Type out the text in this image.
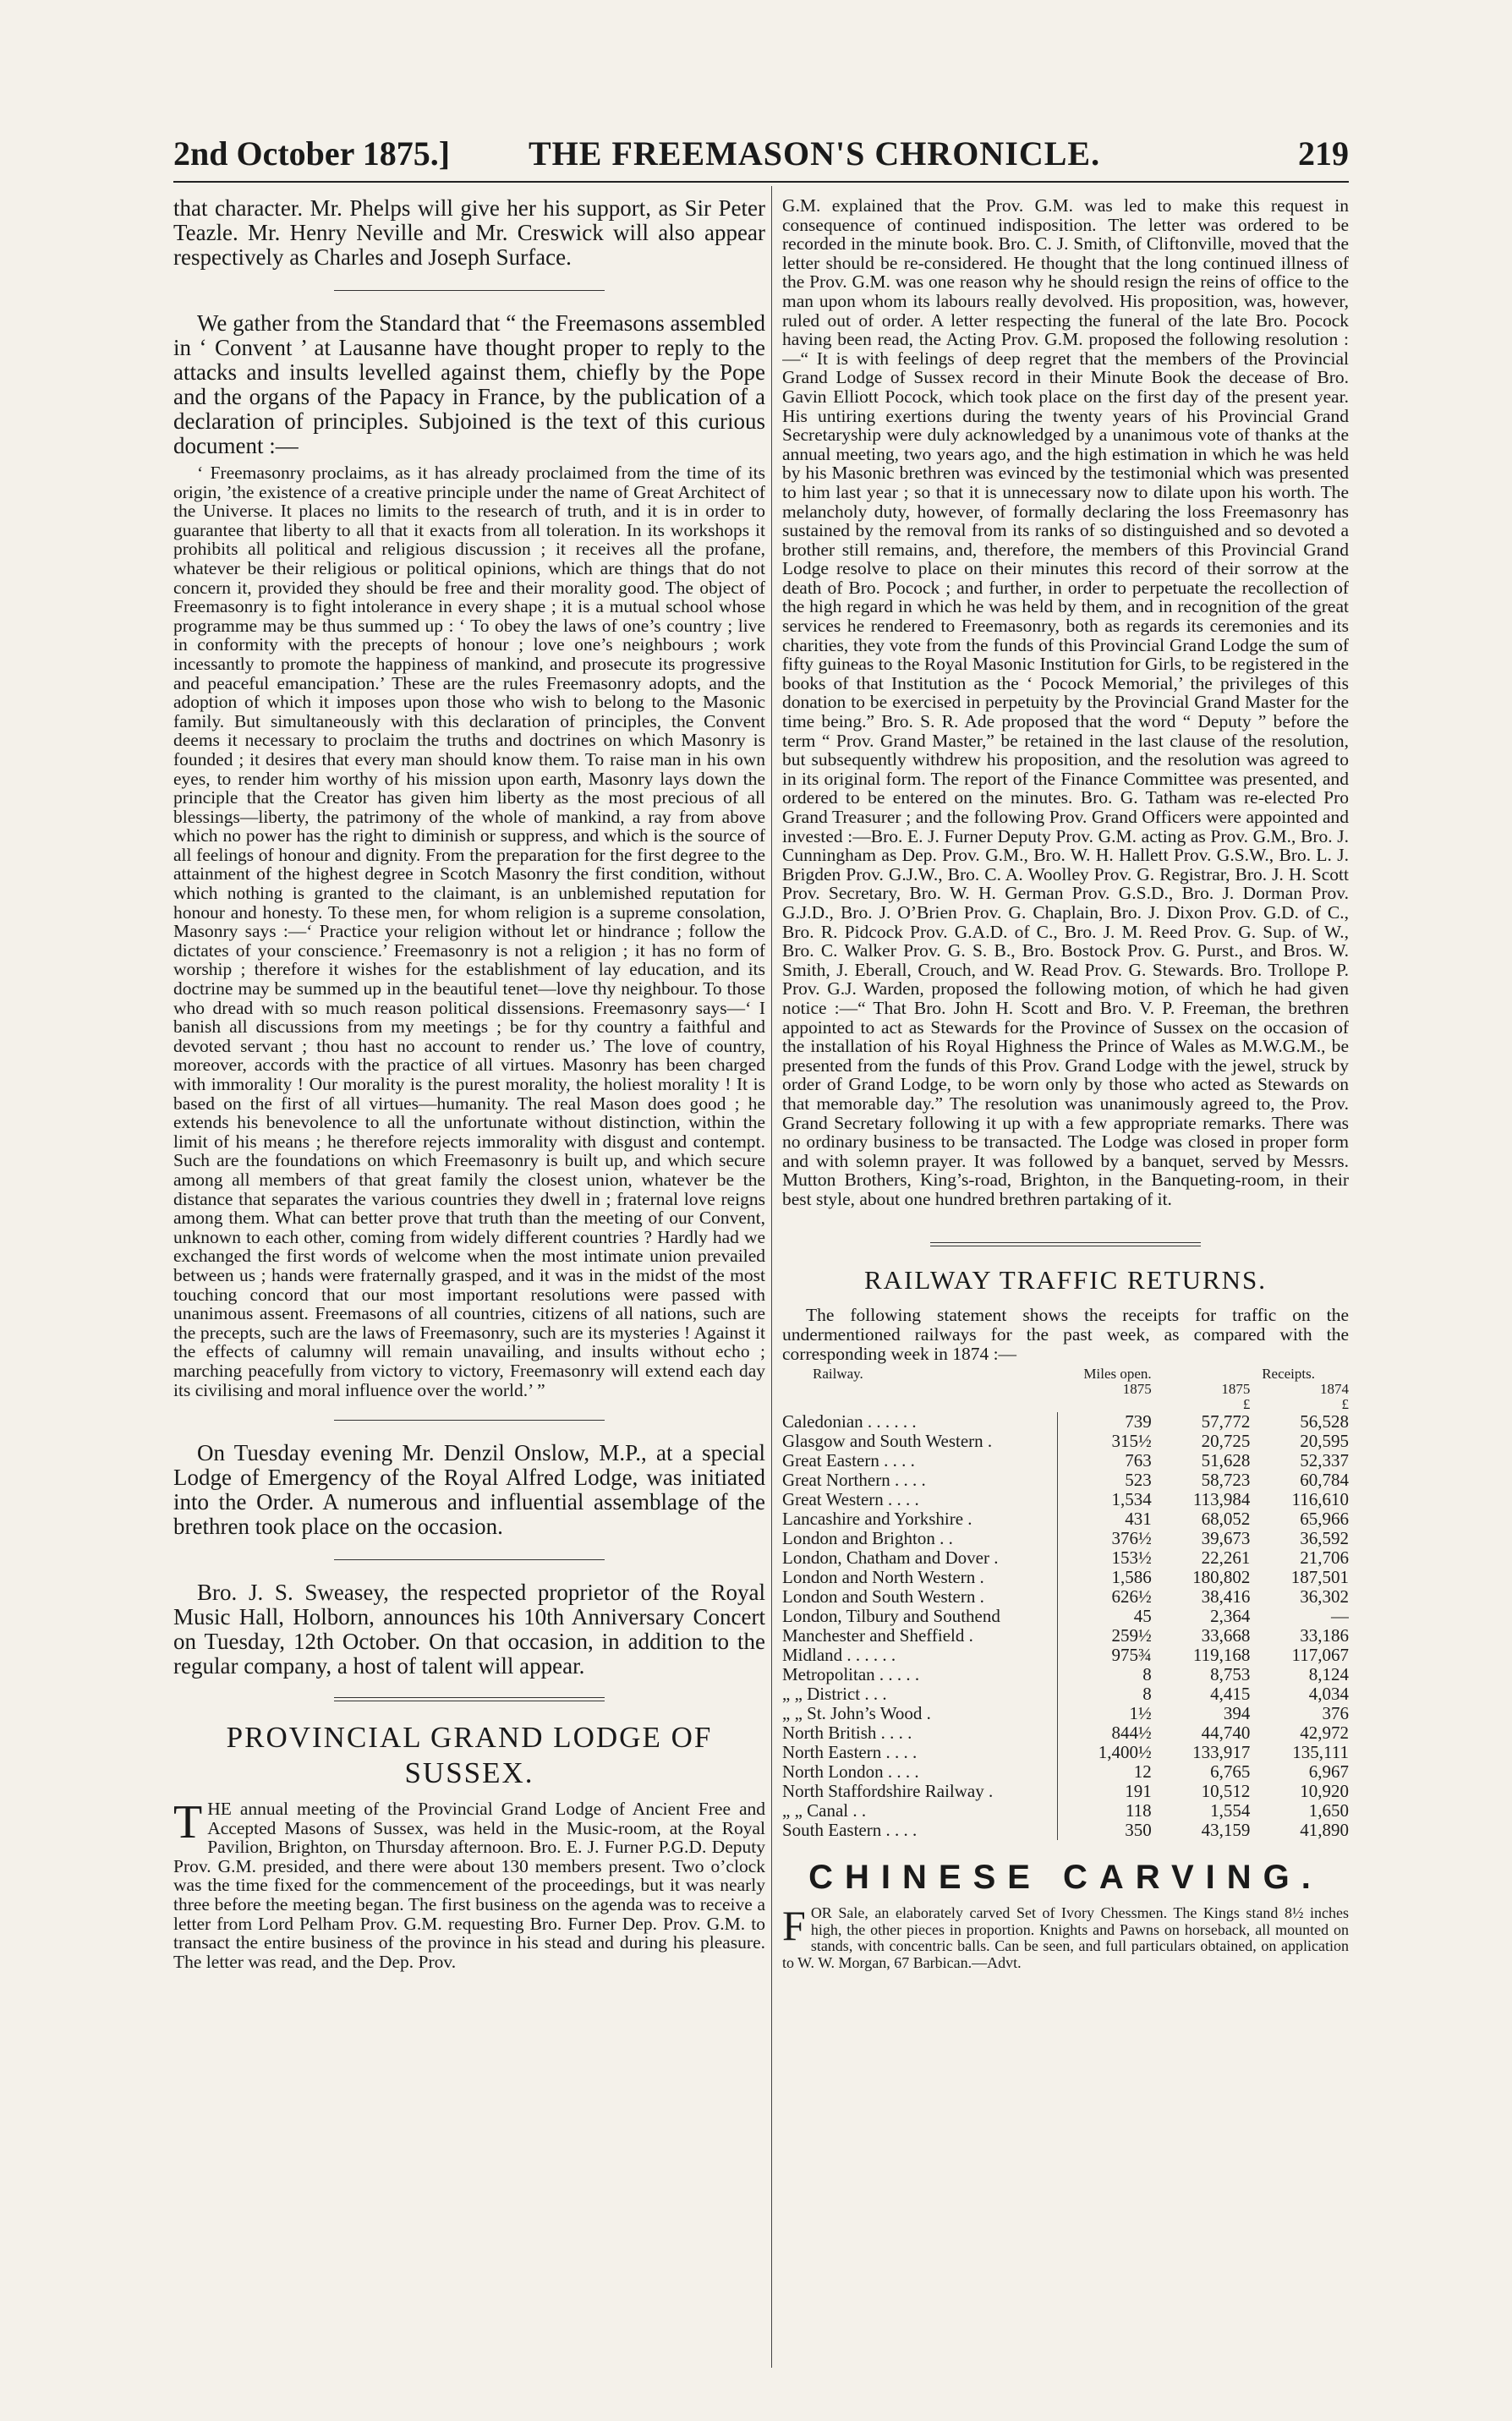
2nd October 1875.] THE FREEMASON'S CHRONICLE.	219

that character. Mr. Phelps will give her his support, as Sir Peter Teazle. Mr. Henry Neville and Mr. Creswick will also appear respectively as Charles and Joseph Surface.

We gather from the Standard that “ the Freemasons assembled in ‘ Convent ’ at Lausanne have thought proper to reply to the attacks and insults levelled against them, chiefly by the Pope and the organs of the Papacy in France, by the publication of a declaration of principles. Subjoined is the text of this curious document :—

‘ Freemasonry proclaims, as it has already proclaimed from the time of its origin, ’the existence of a creative principle under the name of Great Architect of the Universe. It places no limits to the research of truth, and it is in order to guarantee that liberty to all that it exacts from all toleration. In its workshops it prohibits all political and religious discussion ; it receives all the profane, whatever be their religious or political opinions, which are things that do not concern it, provided they should be free and their morality good. The object of Freemasonry is to fight intolerance in every shape ; it is a mutual school whose programme may be thus summed up : ‘ To obey the laws of one’s country ; live in conformity with the precepts of honour ; love one’s neighbours ; work incessantly to promote the happiness of mankind, and prosecute its progressive and peaceful emancipation.’ These are the rules Freemasonry adopts, and the adoption of which it imposes upon those who wish to belong to the Masonic family. But simultaneously with this declaration of principles, the Convent deems it necessary to proclaim the truths and doctrines on which Masonry is founded ; it desires that every man should know them. To raise man in his own eyes, to render him worthy of his mission upon earth, Masonry lays down the principle that the Creator has given him liberty as the most precious of all blessings—liberty, the patrimony of the whole of mankind, a ray from above which no power has the right to diminish or suppress, and which is the source of all feelings of honour and dignity. From the preparation for the first degree to the attainment of the highest degree in Scotch Masonry the first condition, without which nothing is granted to the claimant, is an unblemished reputation for honour and honesty. To these men, for whom religion is a supreme consolation, Masonry says :—‘ Practice your religion without let or hindrance ; follow the dictates of your conscience.’ Freemasonry is not a religion ; it has no form of worship ; therefore it wishes for the establishment of lay education, and its doctrine may be summed up in the beautiful tenet—love thy neighbour. To those who dread with so much reason political dissensions. Freemasonry says—‘ I banish all discussions from my meetings ; be for thy country a faithful and devoted servant ; thou hast no account to render us.’ The love of country, moreover, accords with the practice of all virtues. Masonry has been charged with immorality ! Our morality is the purest morality, the holiest morality ! It is based on the first of all virtues—humanity. The real Mason does good ; he extends his benevolence to all the unfortunate without distinction, within the limit of his means ; he therefore rejects immorality with disgust and contempt. Such are the foundations on which Freemasonry is built up, and which secure among all members of that great family the closest union, whatever be the distance that separates the various countries they dwell in ; fraternal love reigns among them. What can better prove that truth than the meeting of our Convent, unknown to each other, coming from widely different countries ? Hardly had we exchanged the first words of welcome when the most intimate union prevailed between us ; hands were fraternally grasped, and it was in the midst of the most touching concord that our most important resolutions were passed with unanimous assent. Freemasons of all countries, citizens of all nations, such are the precepts, such are the laws of Freemasonry, such are its mysteries ! Against it the effects of calumny will remain unavailing, and insults without echo ; marching peacefully from victory to victory, Freemasonry will extend each day its civilising and moral influence over the world.’ ”

On Tuesday evening Mr. Denzil Onslow, M.P., at a special Lodge of Emergency of the Royal Alfred Lodge, was initiated into the Order. A numerous and influential assemblage of the brethren took place on the occasion.

Bro. J. S. Sweasey, the respected proprietor of the Royal Music Hall, Holborn, announces his 10th Anniversary Concert on Tuesday, 12th October. On that occasion, in addition to the regular company, a host of talent will appear.

PROVINCIAL GRAND LODGE OF
SUSSEX.

THE annual meeting of the Provincial Grand Lodge of Ancient Free and Accepted Masons of Sussex, was held in the Music-room, at the Royal Pavilion, Brighton, on Thursday afternoon. Bro. E. J. Furner P.G.D. Deputy Prov. G.M. presided, and there were about 130 members present. Two o’clock was the time fixed for the commencement of the proceedings, but it was nearly three before the meeting began. The first business on the agenda was to receive a letter from Lord Pelham Prov. G.M. requesting Bro. Furner Dep. Prov. G.M. to transact the entire business of the province in his stead and during his pleasure. The letter was read, and the Dep. Prov.

G.M. explained that the Prov. G.M. was led to make this request in consequence of continued indisposition. The letter was ordered to be recorded in the minute book. Bro. C. J. Smith, of Cliftonville, moved that the letter should be re-considered. He thought that the long continued illness of the Prov. G.M. was one reason why he should resign the reins of office to the man upon whom its labours really devolved. His proposition, was, however, ruled out of order. A letter respecting the funeral of the late Bro. Pocock having been read, the Acting Prov. G.M. proposed the following resolution :—“ It is with feelings of deep regret that the members of the Provincial Grand Lodge of Sussex record in their Minute Book the decease of Bro. Gavin Elliott Pocock, which took place on the first day of the present year. His untiring exertions during the twenty years of his Provincial Grand Secretaryship were duly acknowledged by a unanimous vote of thanks at the annual meeting, two years ago, and the high estimation in which he was held by his Masonic brethren was evinced by the testimonial which was presented to him last year ; so that it is unnecessary now to dilate upon his worth. The melancholy duty, however, of formally declaring the loss Freemasonry has sustained by the removal from its ranks of so distinguished and so devoted a brother still remains, and, therefore, the members of this Provincial Grand Lodge resolve to place on their minutes this record of their sorrow at the death of Bro. Pocock ; and further, in order to perpetuate the recollection of the high regard in which he was held by them, and in recognition of the great services he rendered to Freemasonry, both as regards its ceremonies and its charities, they vote from the funds of this Provincial Grand Lodge the sum of fifty guineas to the Royal Masonic Institution for Girls, to be registered in the books of that Institution as the ‘ Pocock Memorial,’ the privileges of this donation to be exercised in perpetuity by the Provincial Grand Master for the time being.” Bro. S. R. Ade proposed that the word “ Deputy ” before the term “ Prov. Grand Master,” be retained in the last clause of the resolution, but subsequently withdrew his proposition, and the resolution was agreed to in its original form. The report of the Finance Committee was presented, and ordered to be entered on the minutes. Bro. G. Tatham was re-elected Pro Grand Treasurer ; and the following Prov. Grand Officers were appointed and invested :—Bro. E. J. Furner Deputy Prov. G.M. acting as Prov. G.M., Bro. J. Cunningham as Dep. Prov. G.M., Bro. W. H. Hallett Prov. G.S.W., Bro. L. J. Brigden Prov. G.J.W., Bro. C. A. Woolley Prov. G. Registrar, Bro. J. H. Scott Prov. Secretary, Bro. W. H. German Prov. G.S.D., Bro. J. Dorman Prov. G.J.D., Bro. J. O’Brien Prov. G. Chaplain, Bro. J. Dixon Prov. G.D. of C., Bro. R. Pidcock Prov. G.A.D. of C., Bro. J. M. Reed Prov. G. Sup. of W., Bro. C. Walker Prov. G. S. B., Bro. Bostock Prov. G. Purst., and Bros. W. Smith, J. Eberall, Crouch, and W. Read Prov. G. Stewards. Bro. Trollope P. Prov. G.J. Warden, proposed the following motion, of which he had given notice :—“ That Bro. John H. Scott and Bro. V. P. Freeman, the brethren appointed to act as Stewards for the Province of Sussex on the occasion of the installation of his Royal Highness the Prince of Wales as M.W.G.M., be presented from the funds of this Prov. Grand Lodge with the jewel, struck by order of Grand Lodge, to be worn only by those who acted as Stewards on that memorable day.” The resolution was unanimously agreed to, the Prov. Grand Secretary following it up with a few appropriate remarks. There was no ordinary business to be transacted. The Lodge was closed in proper form and with solemn prayer. It was followed by a banquet, served by Messrs. Mutton Brothers, King’s-road, Brighton, in the Banqueting-room, in their best style, about one hundred brethren partaking of it.

RAILWAY TRAFFIC RETURNS.

The following statement shows the receipts for traffic on the undermentioned railways for the past week, as compared with the corresponding week in 1874 :—

Railway.	Miles open.	Receipts.	
	1875	1875	1874
		£	£
Caledonian . . . . . .	739	57,772	56,528
Glasgow and South Western .	315½	20,725	20,595
Great Eastern . . . .	763	51,628	52,337
Great Northern . . . .	523	58,723	60,784
Great Western . . . .	1,534	113,984	116,610
Lancashire and Yorkshire .	431	68,052	65,966
London and Brighton . .	376½	39,673	36,592
London, Chatham and Dover .	153½	22,261	21,706
London and North Western .	1,586	180,802	187,501
London and South Western .	626½	38,416	36,302
London, Tilbury and Southend	45	2,364	—
Manchester and Sheffield .	259½	33,668	33,186
Midland . . . . . .	975¾	119,168	117,067
Metropolitan . . . . .	8	8,753	8,124
„ „ District . . .	8	4,415	4,034
„ „ St. John’s Wood .	1½	394	376
North British . . . .	844½	44,740	42,972
North Eastern . . . .	1,400½	133,917	135,111
North London . . . .	12	6,765	6,967
North Staffordshire Railway .	191	10,512	10,920
„ „ Canal . .	118	1,554	1,650
South Eastern . . . .	350	43,159	41,890
CHINESE CARVING.

FOR Sale, an elaborately carved Set of Ivory Chessmen. The Kings stand 8½ inches high, the other pieces in proportion. Knights and Pawns on horseback, all mounted on stands, with concentric balls. Can be seen, and full particulars obtained, on application to W. W. Morgan, 67 Barbican.—Advt.
